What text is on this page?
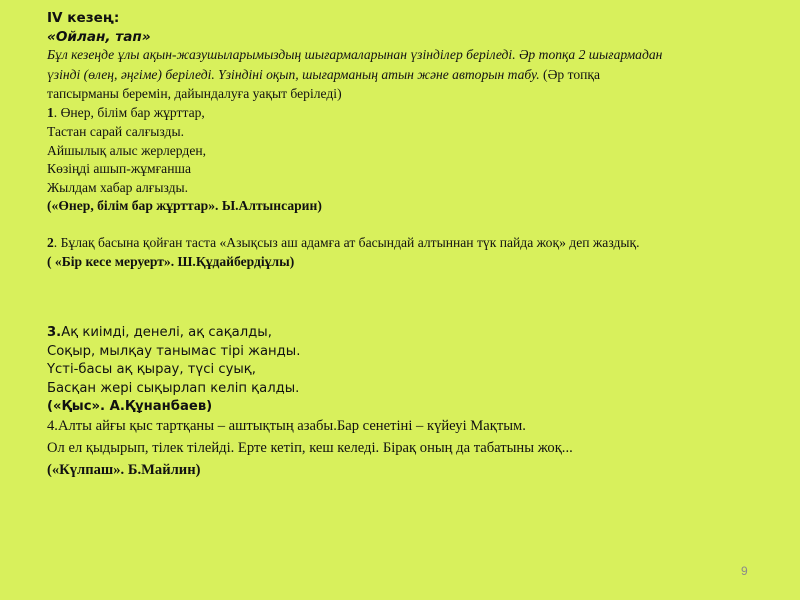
IV кезең:
«Ойлан, тап»
Бұл кезеңде ұлы ақын-жазушыларымыздың шығармаларынан үзінділер беріледі. Әр топқа 2 шығармадан
үзінді (өлең, әңгіме) беріледі. Үзіндіні оқып, шығарманың атын және авторын табу. (Әр топқа
тапсырманы беремін, дайындалуға уақыт беріледі)
1. Өнер, білім бар жұрттар,
Тастан сарай салғызды.
Айшылық алыс жерлерден,
Көзіңді ашып-жұмғанша
Жылдам хабар алғызды.
(«Өнер, білім бар жұрттар». Ы.Алтынсарин)
2. Бұлақ басына қойған таста «Азықсыз аш адамға ат басындай алтыннан түк пайда жоқ» деп жаздық.
( «Бір кесе меруерт». Ш.Құдайбердіұлы)
3.Ақ киімді, денелі, ақ сақалды,
Соқыр, мылқау танымас тірі жанды.
Үсті-басы ақ қырау, түсі суық,
Басқан жері сықырлап келіп қалды.
(«Қыс». А.Құнанбаев)
4.Алты айғы қыс тартқаны – аштықтың азабы.Бар сенетіні – күйеуі Мақтым.
Ол ел қыдырып, тілек тілейді. Ерте кетіп, кеш келеді. Бірақ оның да табатыны жоқ...
(«Күлпаш». Б.Майлин)
9
